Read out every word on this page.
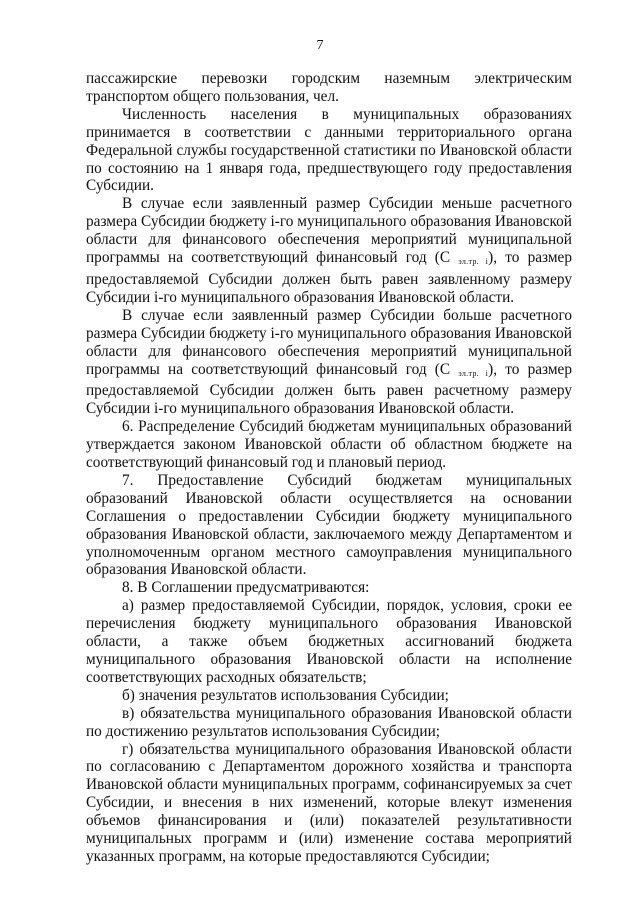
7

пассажирские перевозки городским наземным электрическим транспортом общего пользования, чел.

Численность населения в муниципальных образованиях принимается в соответствии с данными территориального органа Федеральной службы государственной статистики по Ивановской области по состоянию на 1 января года, предшествующего году предоставления Субсидии.

В случае если заявленный размер Субсидии меньше расчетного размера Субсидии бюджету i-го муниципального образования Ивановской области для финансового обеспечения мероприятий муниципальной программы на соответствующий финансовый год (С $_{эл.тр. i}$), то размер предоставляемой Субсидии должен быть равен заявленному размеру Субсидии i-го муниципального образования Ивановской области.

В случае если заявленный размер Субсидии больше расчетного размера Субсидии бюджету i-го муниципального образования Ивановской области для финансового обеспечения мероприятий муниципальной программы на соответствующий финансовый год (С $_{эл.тр. i}$), то размер предоставляемой Субсидии должен быть равен расчетному размеру Субсидии i-го муниципального образования Ивановской области.

6. Распределение Субсидий бюджетам муниципальных образований утверждается законом Ивановской области об областном бюджете на соответствующий финансовый год и плановый период.

7. Предоставление Субсидий бюджетам муниципальных образований Ивановской области осуществляется на основании Соглашения о предоставлении Субсидии бюджету муниципального образования Ивановской области, заключаемого между Департаментом и уполномоченным органом местного самоуправления муниципального образования Ивановской области.

8. В Соглашении предусматриваются:

а) размер предоставляемой Субсидии, порядок, условия, сроки ее перечисления бюджету муниципального образования Ивановской области, а также объем бюджетных ассигнований бюджета муниципального образования Ивановской области на исполнение соответствующих расходных обязательств;

б) значения результатов использования Субсидии;

в) обязательства муниципального образования Ивановской области по достижению результатов использования Субсидии;

г) обязательства муниципального образования Ивановской области по согласованию с Департаментом дорожного хозяйства и транспорта Ивановской области муниципальных программ, софинансируемых за счет Субсидии, и внесения в них изменений, которые влекут изменения объемов финансирования и (или) показателей результативности муниципальных программ и (или) изменение состава мероприятий указанных программ, на которые предоставляются Субсидии;
